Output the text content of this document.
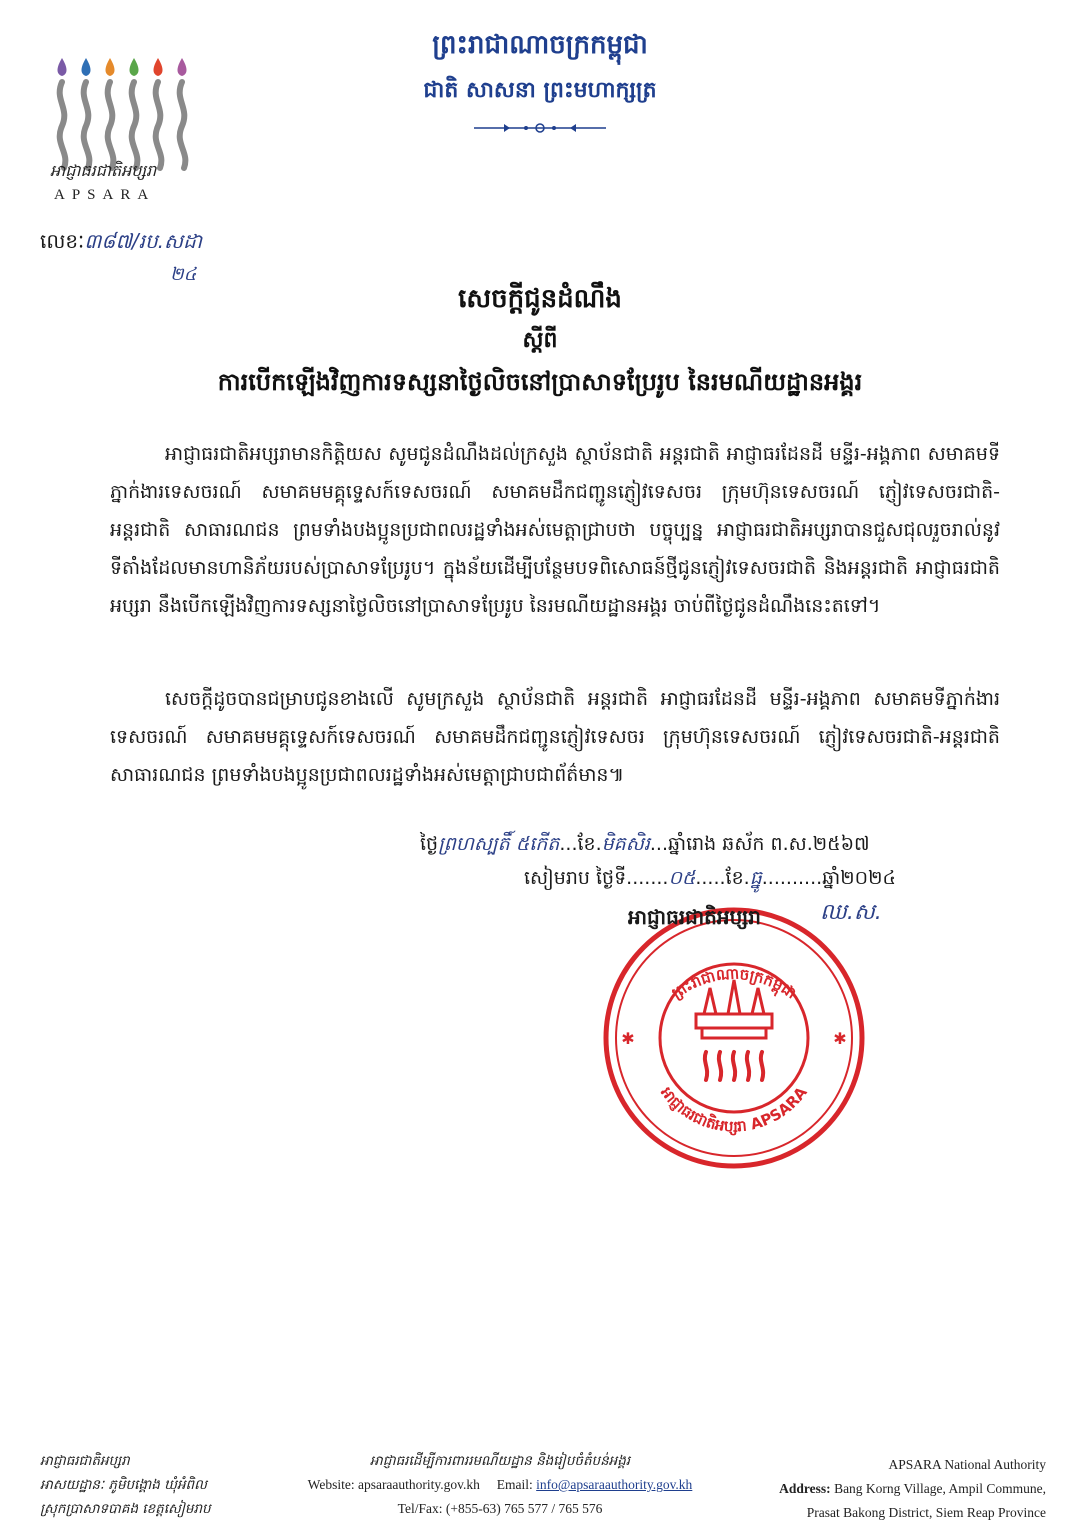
អាជ្ញាធរជាតិអប្សរា
APSARA
ព្រះរាជាណាចក្រកម្ពុជា
ជាតិ សាសនា ព្រះមហាក្សត្រ
លេខៈ៣៨៧/រប.សដា
២៤
សេចក្តីជូនដំណឹង
ស្តីពី
ការបើកឡើងវិញការទស្សនាថ្ងៃលិចនៅប្រាសាទប្រែរូប នៃរមណីយដ្ឋានអង្គរ

អាជ្ញាធរជាតិអប្សរាមានកិត្តិយស សូមជូនដំណឹងដល់ក្រសួង ស្ថាប័នជាតិ អន្តរជាតិ អាជ្ញាធរដែនដី មន្ទីរ-អង្គភាព សមាគមទីភ្នាក់ងារទេសចរណ៍ សមាគមមគ្គុទ្ទេសក៍ទេសចរណ៍ សមាគមដឹកជញ្ជូនភ្ញៀវទេសចរ ក្រុមហ៊ុនទេសចរណ៍ ភ្ញៀវទេសចរជាតិ-អន្តរជាតិ សាធារណជន ព្រមទាំងបងប្អូនប្រជាពលរដ្ឋទាំងអស់មេត្តាជ្រាបថា បច្ចុប្បន្ន អាជ្ញាធរជាតិអប្សរាបានជួសជុលរួចរាល់នូវទីតាំងដែលមានហានិភ័យរបស់ប្រាសាទប្រែរូប។ ក្នុងន័យដើម្បីបន្ថែមបទពិសោធន៍ថ្មីជូនភ្ញៀវទេសចរជាតិ និងអន្តរជាតិ អាជ្ញាធរជាតិអប្សរា នឹងបើកឡើងវិញការទស្សនាថ្ងៃលិចនៅប្រាសាទប្រែរូប នៃរមណីយដ្ឋានអង្គរ ចាប់ពីថ្ងៃជូនដំណឹងនេះតទៅ។

សេចក្តីដូចបានជម្រាបជូនខាងលើ សូមក្រសួង ស្ថាប័នជាតិ អន្តរជាតិ អាជ្ញាធរដែនដី មន្ទីរ-អង្គភាព សមាគមទីភ្នាក់ងារទេសចរណ៍ សមាគមមគ្គុទ្ទេសក៍ទេសចរណ៍ សមាគមដឹកជញ្ជូនភ្ញៀវទេសចរ ក្រុមហ៊ុនទេសចរណ៍ ភ្ញៀវទេសចរជាតិ-អន្តរជាតិ សាធារណជន ព្រមទាំងបងប្អូនប្រជាពលរដ្ឋទាំងអស់មេត្តាជ្រាបជាព័ត៌មាន៕

ព្រះរាជាណាចក្រកម្ពុជា
អាជ្ញាធរជាតិអប្សរា APSARA
✱	✱
ថ្ងៃព្រហស្បតិ៍ ៥កើត...ខែ.មិគសិរ...ឆ្នាំរោង ឆស័ក ព.ស.២៥៦៧
សៀមរាប ថ្ងៃទី.......០៥.....ខែ.ធ្នូ..........ឆ្នាំ២០២៤
អាជ្ញាធរជាតិអប្សរា	ឈ.ស.
អាជ្ញាធរជាតិអប្សរា
អាសយដ្ឋានៈ ភូមិបង្គោង ឃុំអំពិល
ស្រុកប្រាសាទបាគង ខេត្តសៀមរាប
អាជ្ញាធរដើម្បីការពាររមណីយដ្ឋាន និងរៀបចំតំបន់អង្គរ
Website: apsaraauthority.gov.kh Email: info@apsaraauthority.gov.kh
Tel/Fax: (+855-63) 765 577 / 765 576
APSARA National Authority
Address: Bang Korng Village, Ampil Commune,
Prasat Bakong District, Siem Reap Province
